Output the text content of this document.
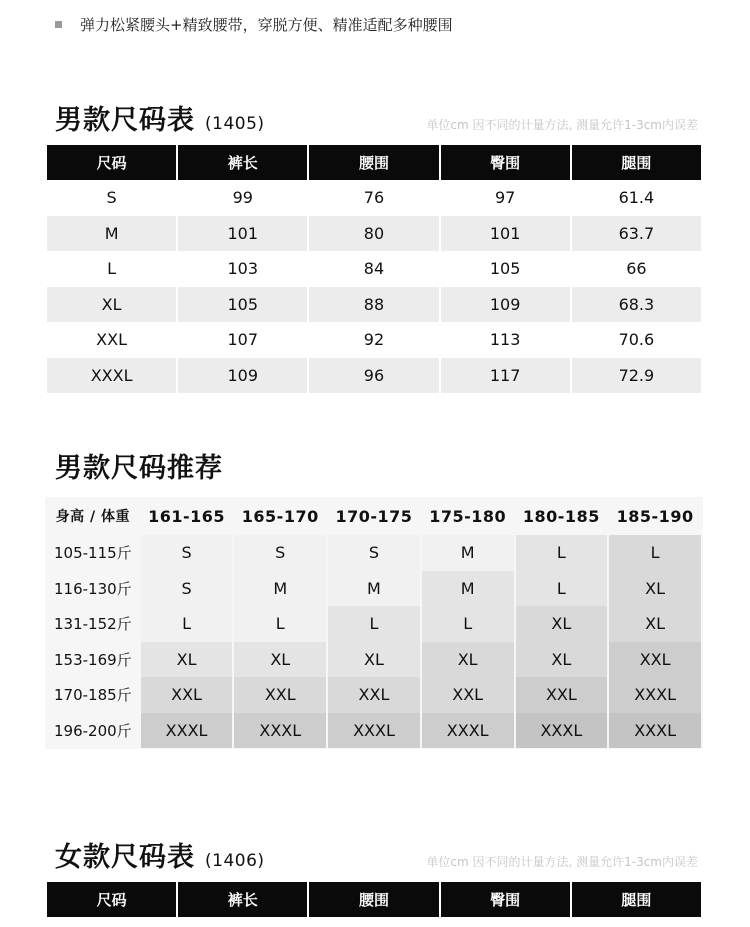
弹力松紧腰头+精致腰带，穿脱方便、精准适配多种腰围
男款尺码表 (1405)	单位cm 因不同的计量方法, 测量允许1-3cm内误差
尺码	裤长	腰围	臀围	腿围
S	99	76	97	61.4
M	101	80	101	63.7
L	103	84	105	66
XL	105	88	109	68.3
XXL	107	92	113	70.6
XXXL	109	96	117	72.9
男款尺码推荐
身高 / 体重	161-165	165-170	170-175	175-180	180-185	185-190
105-115斤	S	S	S	M	L	L
116-130斤	S	M	M	M	L	XL
131-152斤	L	L	L	L	XL	XL
153-169斤	XL	XL	XL	XL	XL	XXL
170-185斤	XXL	XXL	XXL	XXL	XXL	XXXL
196-200斤	XXXL	XXXL	XXXL	XXXL	XXXL	XXXL
女款尺码表 (1406)	单位cm 因不同的计量方法, 测量允许1-3cm内误差
尺码	裤长	腰围	臀围	腿围
